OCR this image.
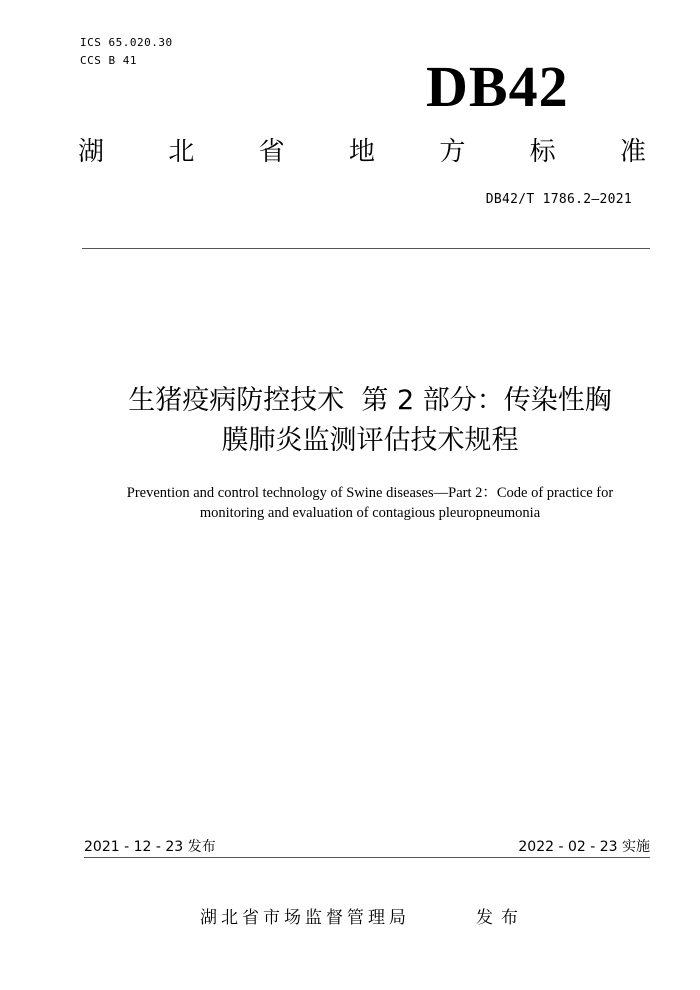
ICS 65.020.30
CCS B 41	DB42
湖 北 省 地 方 标 准
DB42/T 1786.2—2021
生猪疫病防控技术  第 2 部分：传染性胸
膜肺炎监测评估技术规程
Prevention and control technology of Swine diseases—Part 2：Code of practice for
monitoring and evaluation of contagious pleuropneumonia
2021 - 12 - 23 发布	2022 - 02 - 23 实施
湖北省市场监督管理局	发布
